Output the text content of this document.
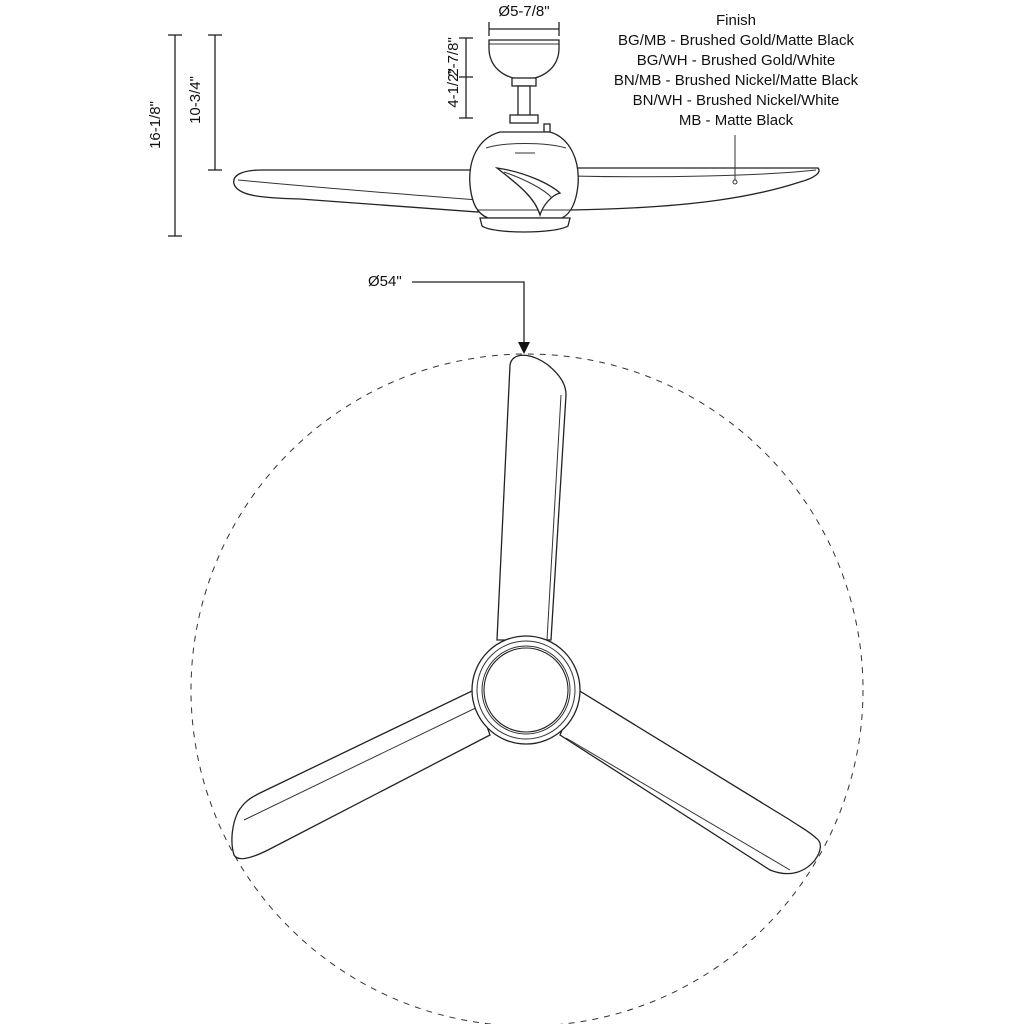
16-1/8"
10-3/4"
Ø5-7/8"
2-7/8"
4-1/2"
Finish
BG/MB - Brushed Gold/Matte Black
BG/WH - Brushed Gold/White
BN/MB - Brushed Nickel/Matte Black
BN/WH - Brushed Nickel/White
MB - Matte Black
Ø54"
